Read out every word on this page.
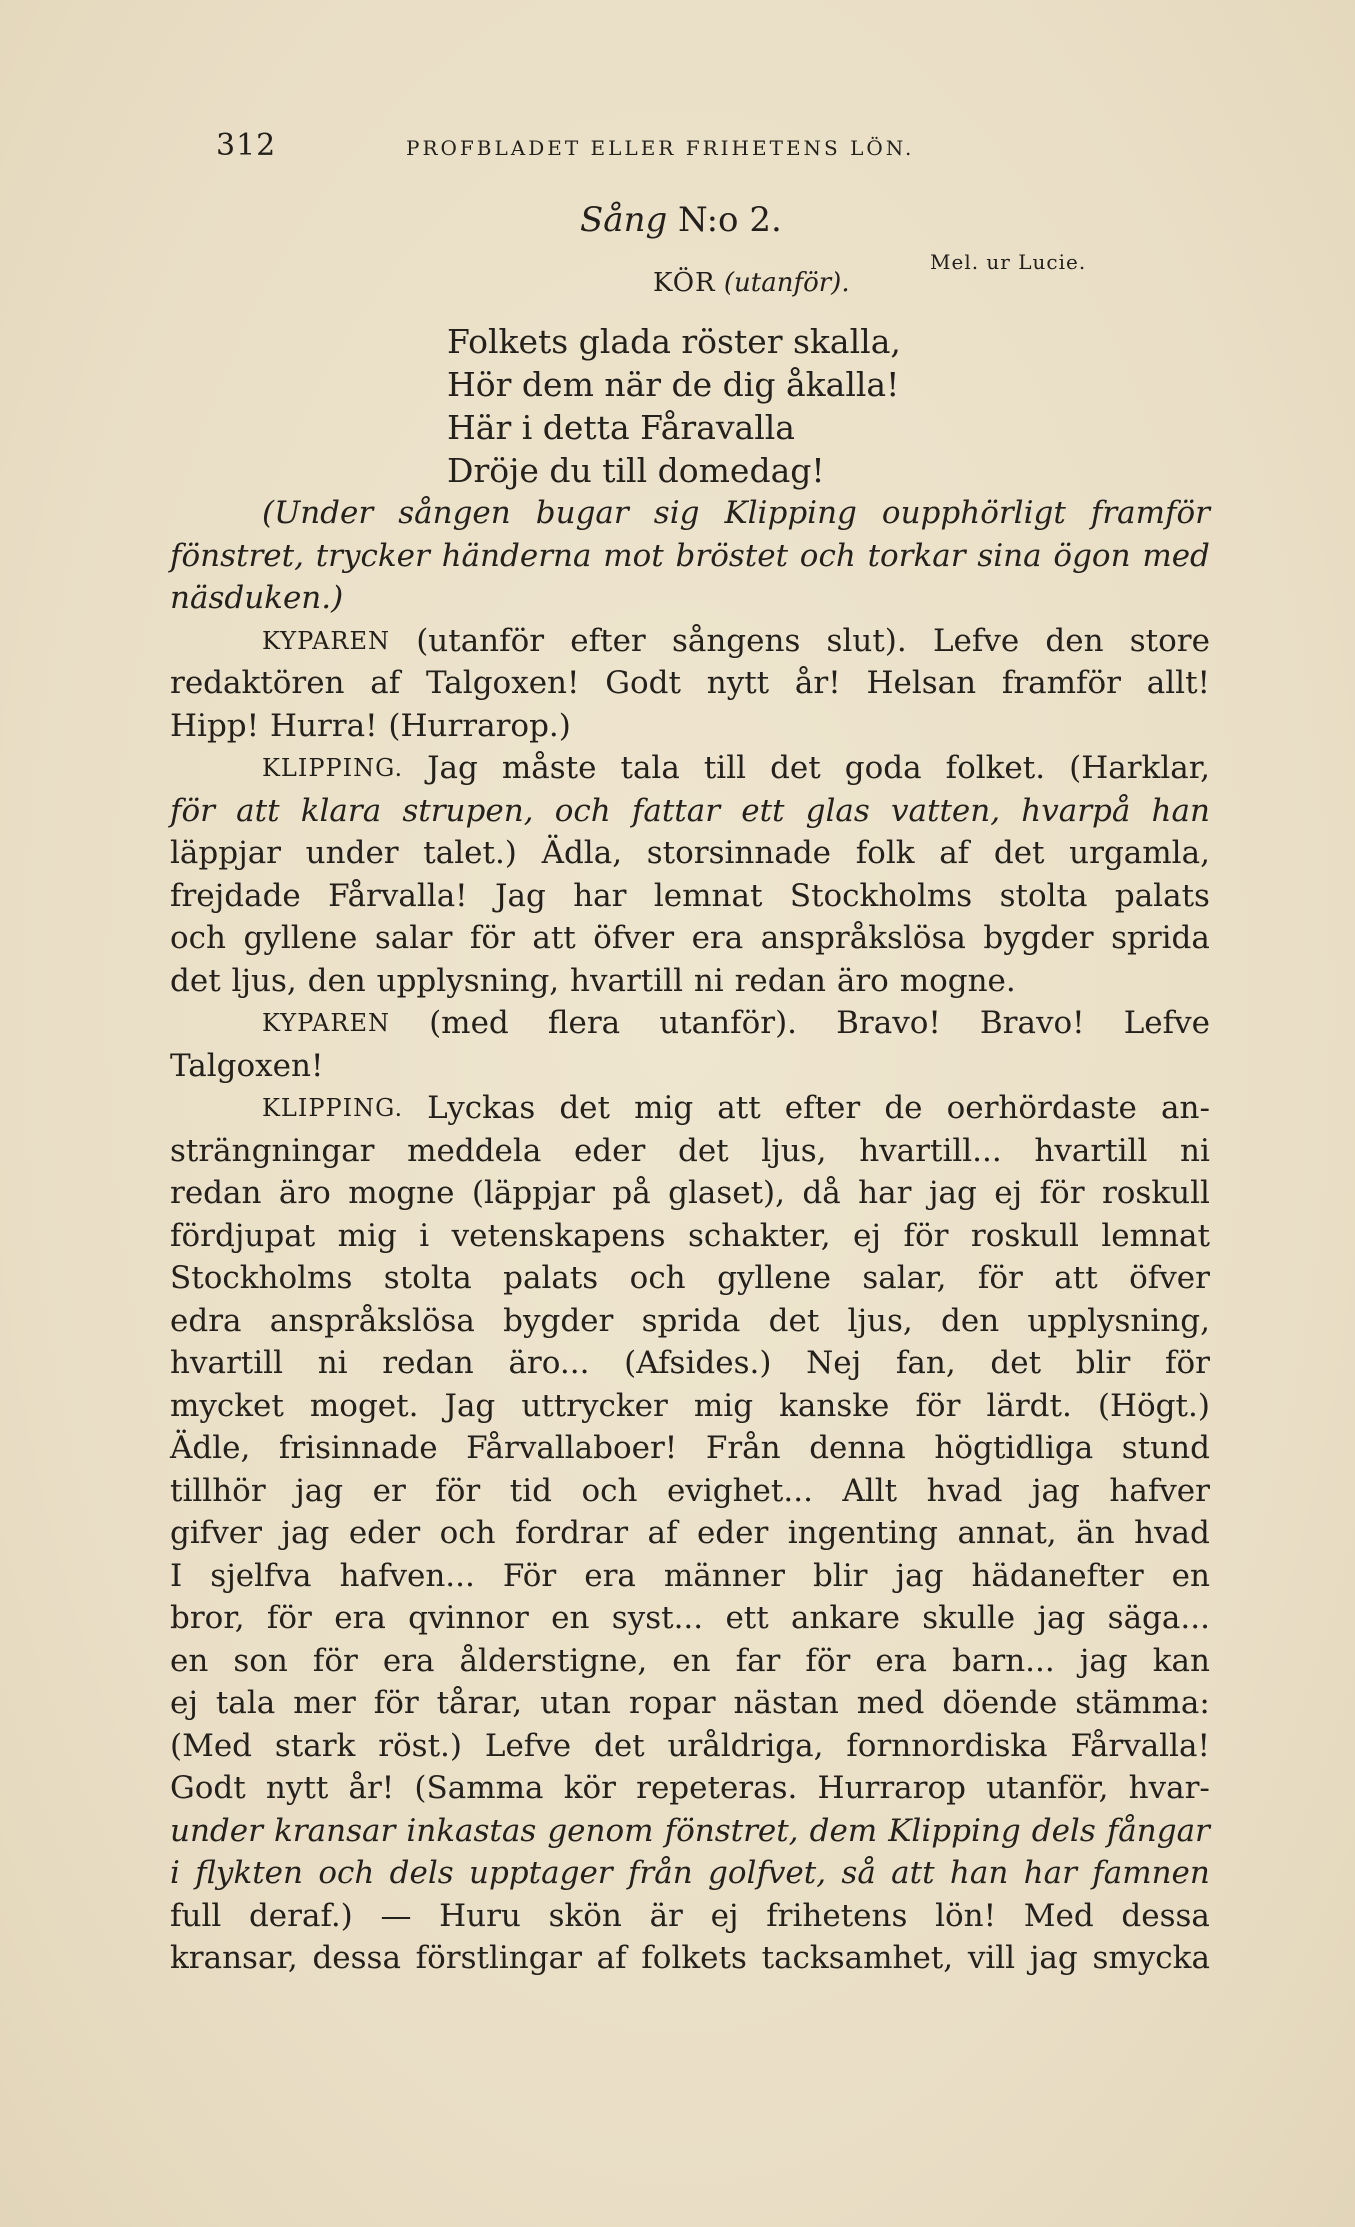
312	PROFBLADET ELLER FRIHETENS LÖN.
Sång N:o 2.
Mel. ur Lucie.
KÖR (utanför).
Folkets glada röster skalla,
Hör dem när de dig åkalla!
Här i detta Fåravalla
Dröje du till domedag!
(Under sången bugar sig Klipping oupphörligt framför
fönstret, trycker händerna mot bröstet och torkar sina ögon med
näsduken.)
KYPAREN (utanför efter sångens slut). Lefve den store
redaktören af Talgoxen! Godt nytt år! Helsan framför allt!
Hipp! Hurra! (Hurrarop.)
KLIPPING. Jag måste tala till det goda folket. (Harklar,
för att klara strupen, och fattar ett glas vatten, hvarpå han
läppjar under talet.) Ädla, storsinnade folk af det urgamla,
frejdade Fårvalla! Jag har lemnat Stockholms stolta palats
och gyllene salar för att öfver era anspråkslösa bygder sprida
det ljus, den upplysning, hvartill ni redan äro mogne.
KYPAREN (med flera utanför). Bravo! Bravo! Lefve
Talgoxen!
KLIPPING. Lyckas det mig att efter de oerhördaste an-
strängningar meddela eder det ljus, hvartill... hvartill ni
redan äro mogne (läppjar på glaset), då har jag ej för roskull
fördjupat mig i vetenskapens schakter, ej för roskull lemnat
Stockholms stolta palats och gyllene salar, för att öfver
edra anspråkslösa bygder sprida det ljus, den upplysning,
hvartill ni redan äro... (Afsides.) Nej fan, det blir för
mycket moget. Jag uttrycker mig kanske för lärdt. (Högt.)
Ädle, frisinnade Fårvallaboer! Från denna högtidliga stund
tillhör jag er för tid och evighet... Allt hvad jag hafver
gifver jag eder och fordrar af eder ingenting annat, än hvad
I sjelfva hafven... För era männer blir jag hädanefter en
bror, för era qvinnor en syst... ett ankare skulle jag säga...
en son för era ålderstigne, en far för era barn... jag kan
ej tala mer för tårar, utan ropar nästan med döende stämma:
(Med stark röst.) Lefve det uråldriga, fornnordiska Fårvalla!
Godt nytt år! (Samma kör repeteras. Hurrarop utanför, hvar-
under kransar inkastas genom fönstret, dem Klipping dels fångar
i flykten och dels upptager från golfvet, så att han har famnen
full deraf.) — Huru skön är ej frihetens lön! Med dessa
kransar, dessa förstlingar af folkets tacksamhet, vill jag smycka
